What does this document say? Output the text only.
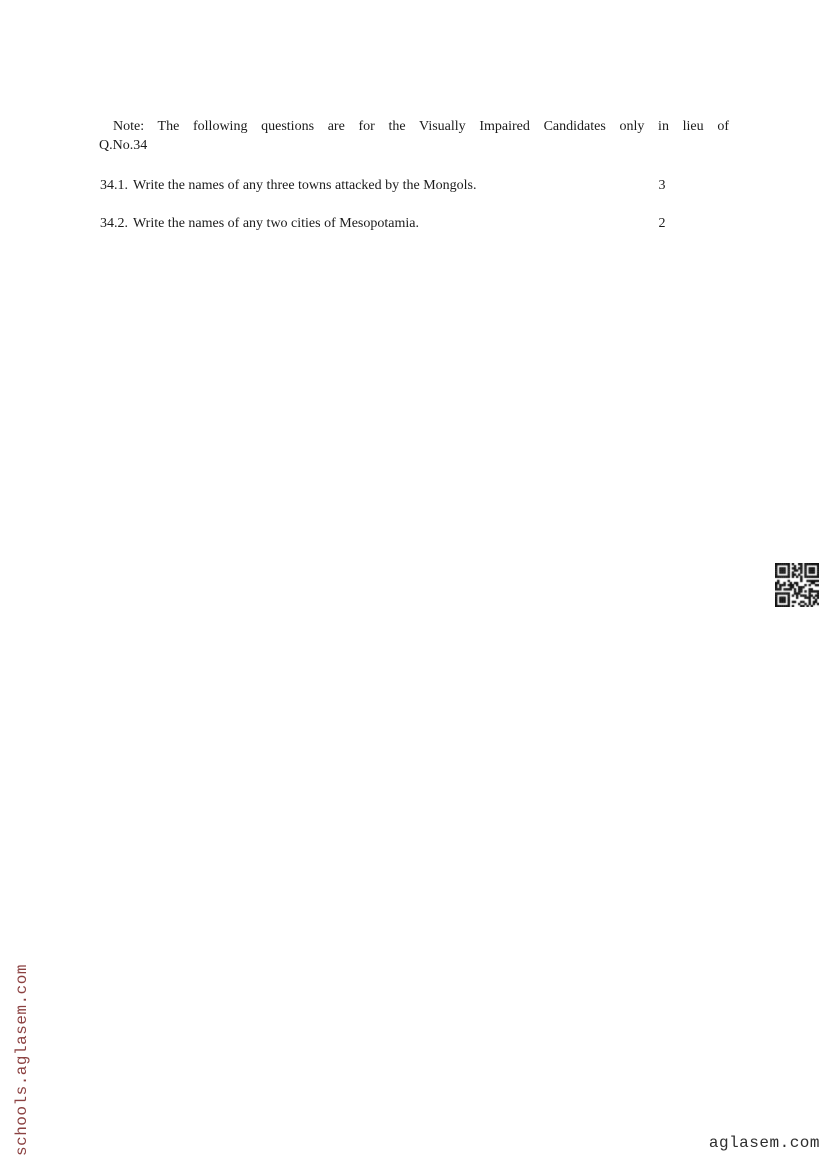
Note: The following questions are for the Visually Impaired Candidates only in lieu of
Q.No.34
34.1. Write the names of any three towns attacked by the Mongols.	3
34.2. Write the names of any two cities of Mesopotamia.	2
schools.aglasem.com	aglasem.com
